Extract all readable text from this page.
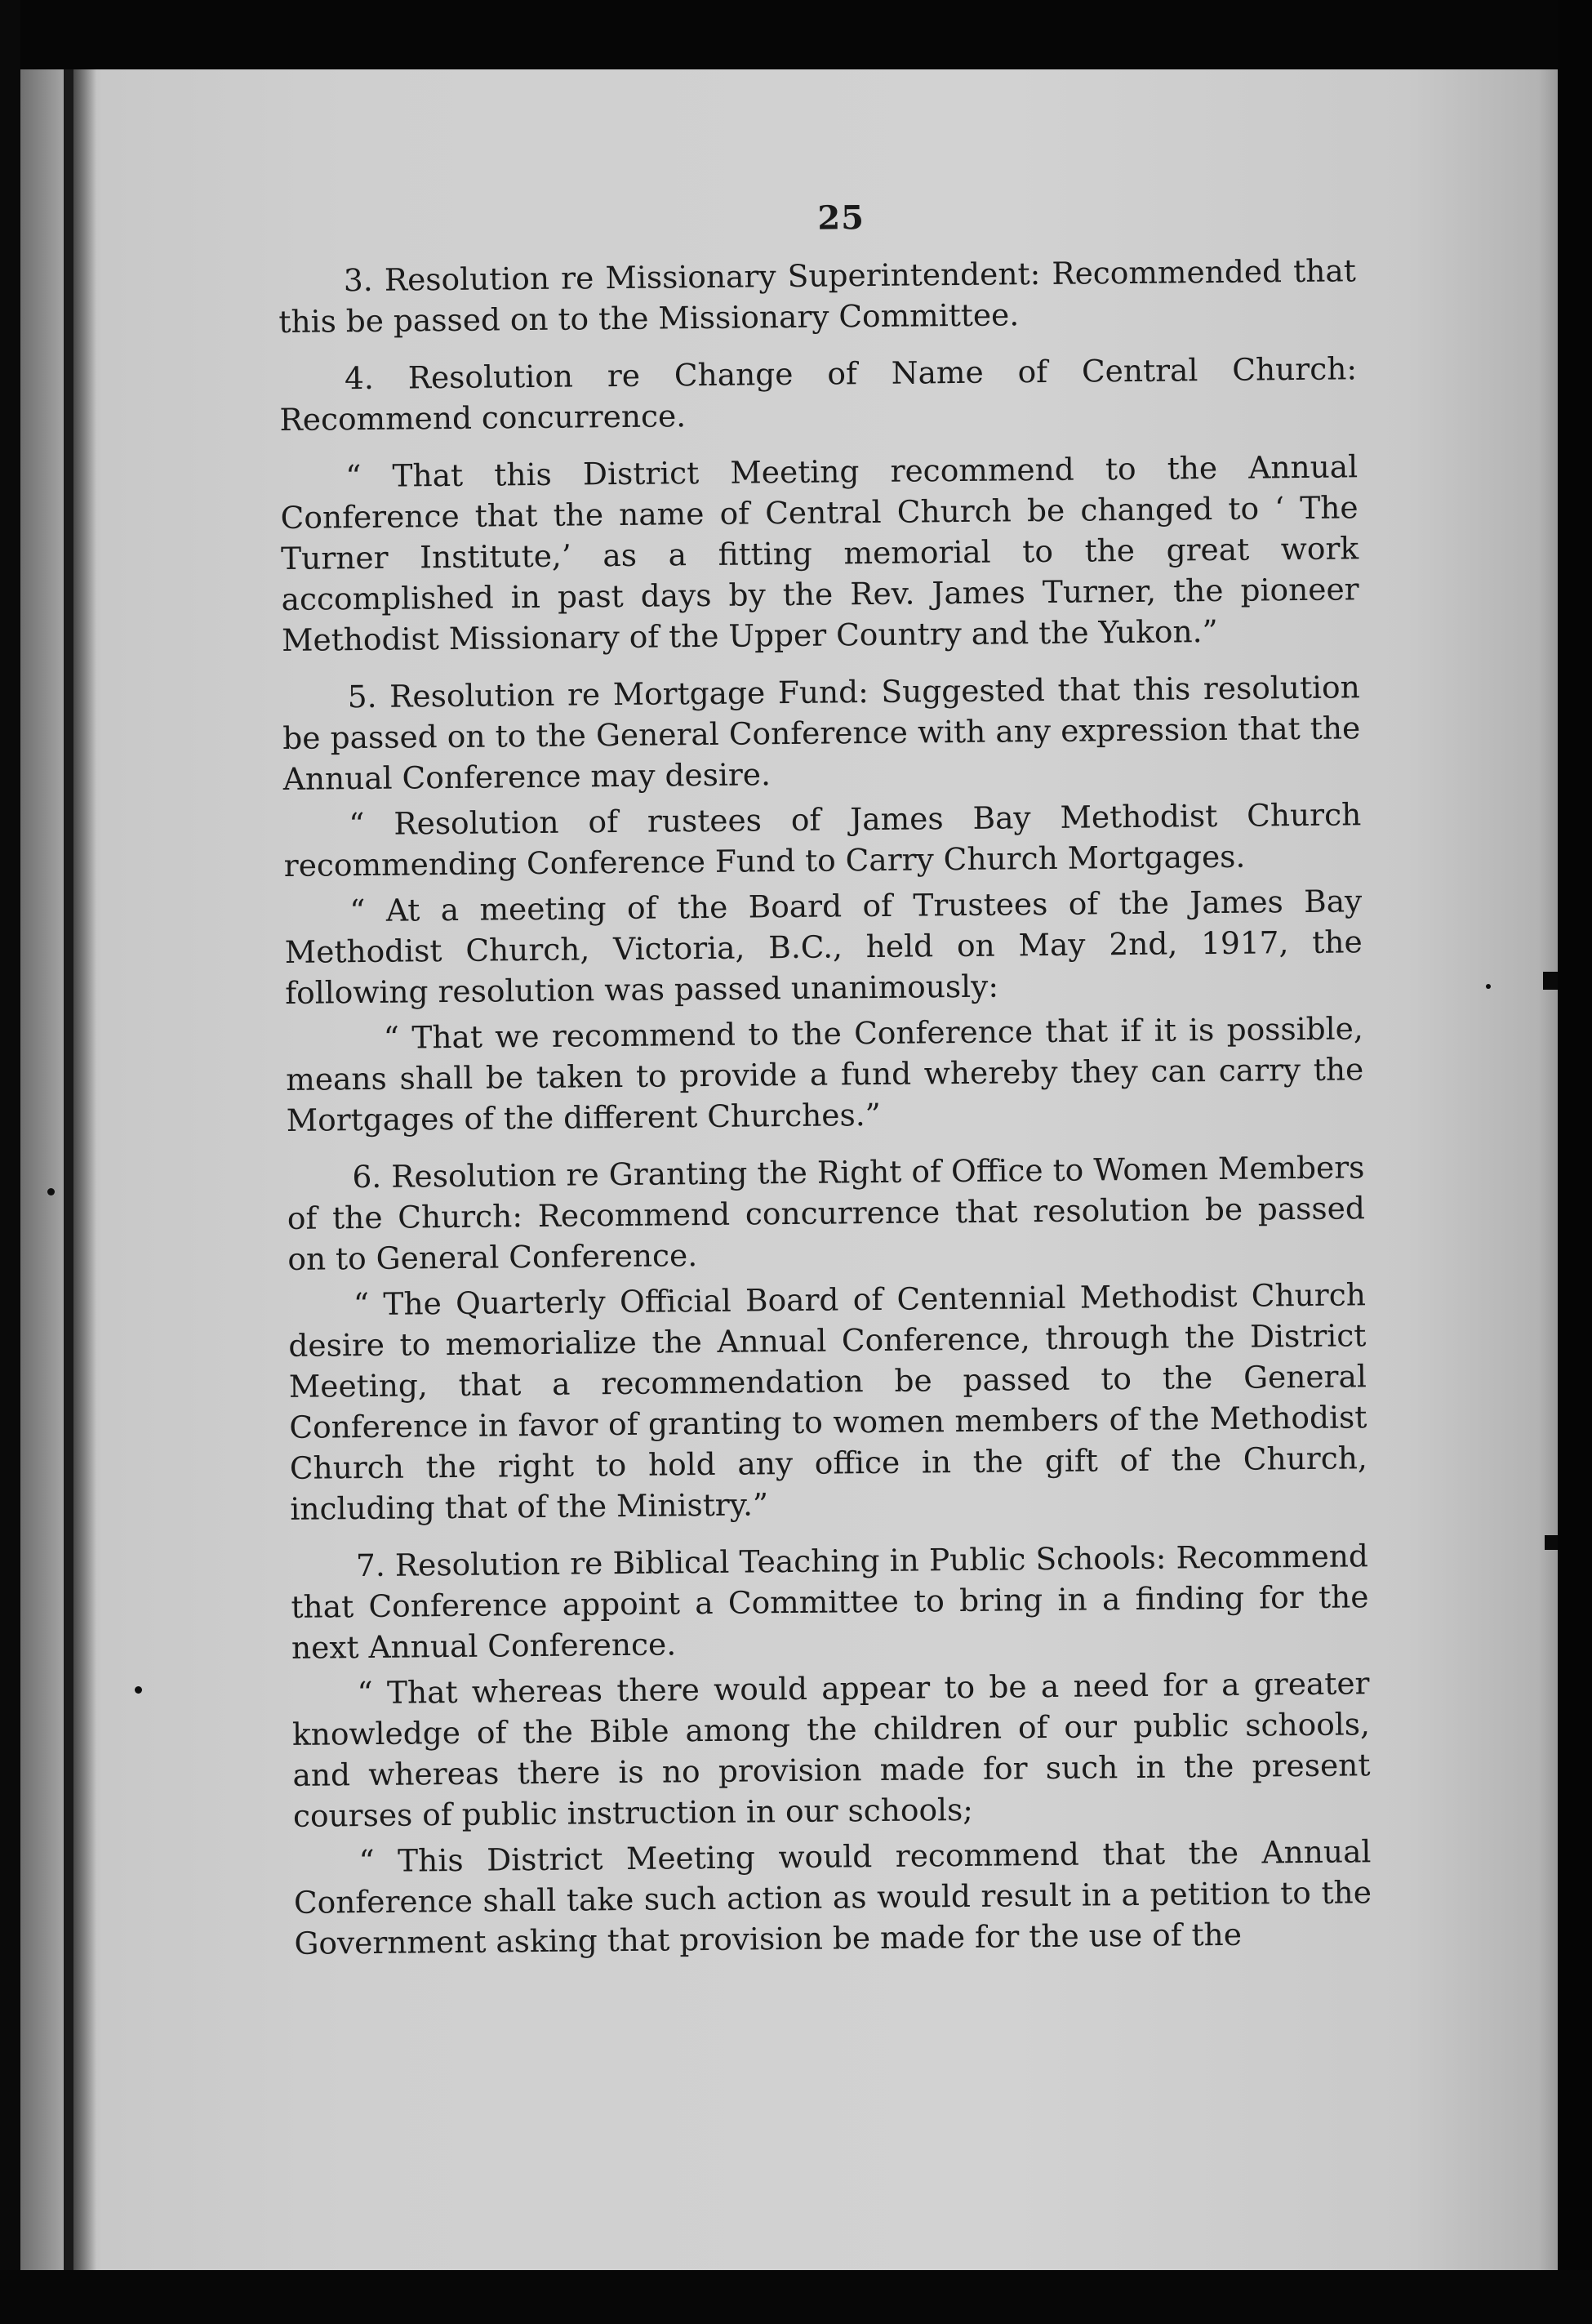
25

3. Resolution re Missionary Superintendent: Recommended that this be passed on to the Missionary Committee.

4. Resolution re Change of Name of Central Church: Recommend concurrence.

“ That this District Meeting recommend to the Annual Conference that the name of Central Church be changed to ‘ The Turner Institute,’ as a fitting memorial to the great work accomplished in past days by the Rev. James Turner, the pioneer Methodist Missionary of the Upper Country and the Yukon.”

5. Resolution re Mortgage Fund: Suggested that this resolution be passed on to the General Conference with any expression that the Annual Conference may desire.

“ Resolution of rustees of James Bay Methodist Church recommending Conference Fund to Carry Church Mortgages.

“ At a meeting of the Board of Trustees of the James Bay Methodist Church, Victoria, B.C., held on May 2nd, 1917, the following resolution was passed unanimously:

“ That we recommend to the Conference that if it is possible, means shall be taken to provide a fund whereby they can carry the Mortgages of the different Churches.”

6. Resolution re Granting the Right of Office to Women Members of the Church: Recommend concurrence that resolution be passed on to General Conference.

“ The Quarterly Official Board of Centennial Methodist Church desire to memorialize the Annual Conference, through the District Meeting, that a recommendation be passed to the General Conference in favor of granting to women members of the Methodist Church the right to hold any office in the gift of the Church, including that of the Ministry.”

7. Resolution re Biblical Teaching in Public Schools: Recommend that Conference appoint a Committee to bring in a finding for the next Annual Conference.

“ That whereas there would appear to be a need for a greater knowledge of the Bible among the children of our public schools, and whereas there is no provision made for such in the present courses of public instruction in our schools;

“ This District Meeting would recommend that the Annual Conference shall take such action as would result in a petition to the Government asking that provision be made for the use of the
